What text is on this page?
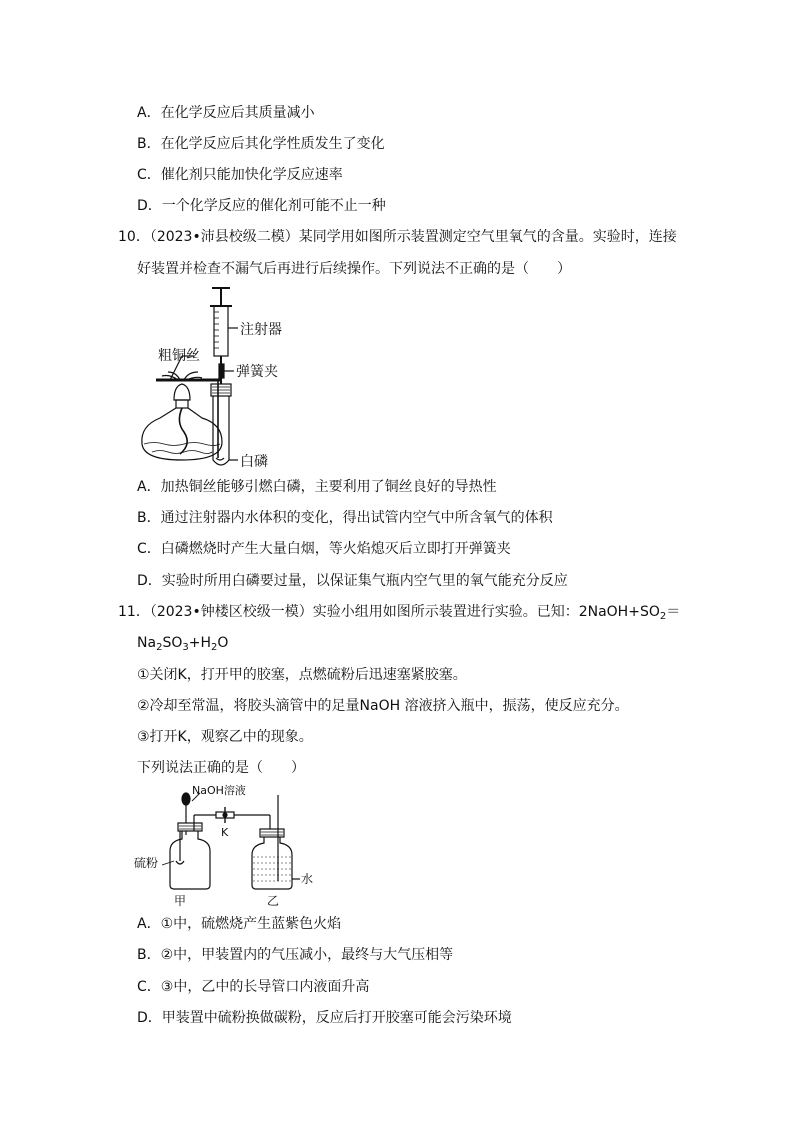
A．在化学反应后其质量减小
B．在化学反应后其化学性质发生了变化
C．催化剂只能加快化学反应速率
D．一个化学反应的催化剂可能不止一种
10．（2023•沛县校级二模）某同学用如图所示装置测定空气里氧气的含量。实验时，连接
好装置并检查不漏气后再进行后续操作。下列说法不正确的是（　　）
注射器
粗铜丝
弹簧夹
白磷
A．加热铜丝能够引燃白磷，主要利用了铜丝良好的导热性
B．通过注射器内水体积的变化，得出试管内空气中所含氧气的体积
C．白磷燃烧时产生大量白烟，等火焰熄灭后立即打开弹簧夹
D．实验时所用白磷要过量，以保证集气瓶内空气里的氧气能充分反应
11．（2023•钟楼区校级一模）实验小组用如图所示装置进行实验。已知：$2NaOH+SO_2=$
$Na_2SO_3+H_2O$
①关闭K，打开甲的胶塞，点燃硫粉后迅速塞紧胶塞。
②冷却至常温，将胶头滴管中的足量NaOH 溶液挤入瓶中，振荡，使反应充分。
③打开K，观察乙中的现象。
下列说法正确的是（　　）
NaOH溶液
K
硫粉
水
甲	乙
A．①中，硫燃烧产生蓝紫色火焰
B．②中，甲装置内的气压减小，最终与大气压相等
C．③中，乙中的长导管口内液面升高
D．甲装置中硫粉换做碳粉，反应后打开胶塞可能会污染环境
